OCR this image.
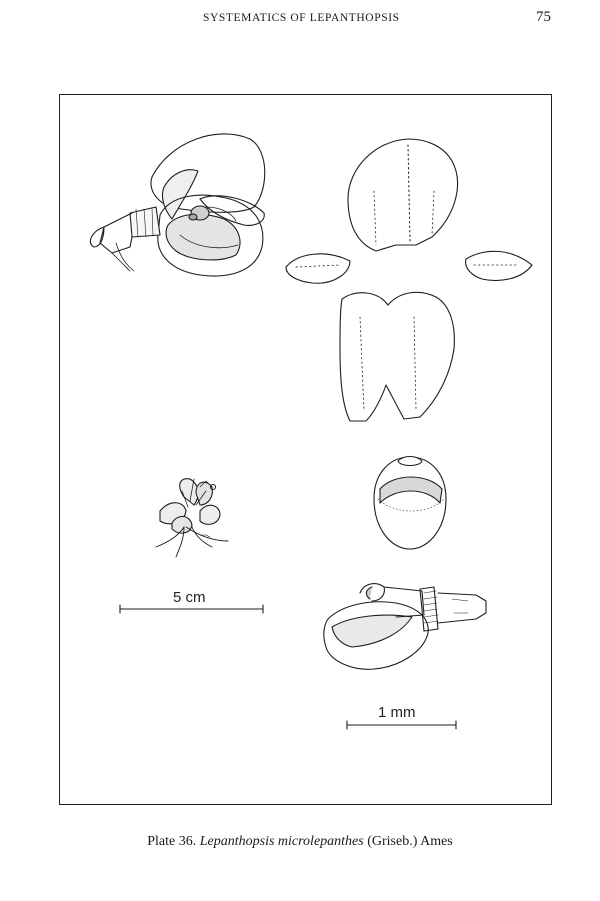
SYSTEMATICS OF LEPANTHOPSIS	75
5 cm
1 mm
Plate 36. Lepanthopsis microlepanthes (Griseb.) Ames
